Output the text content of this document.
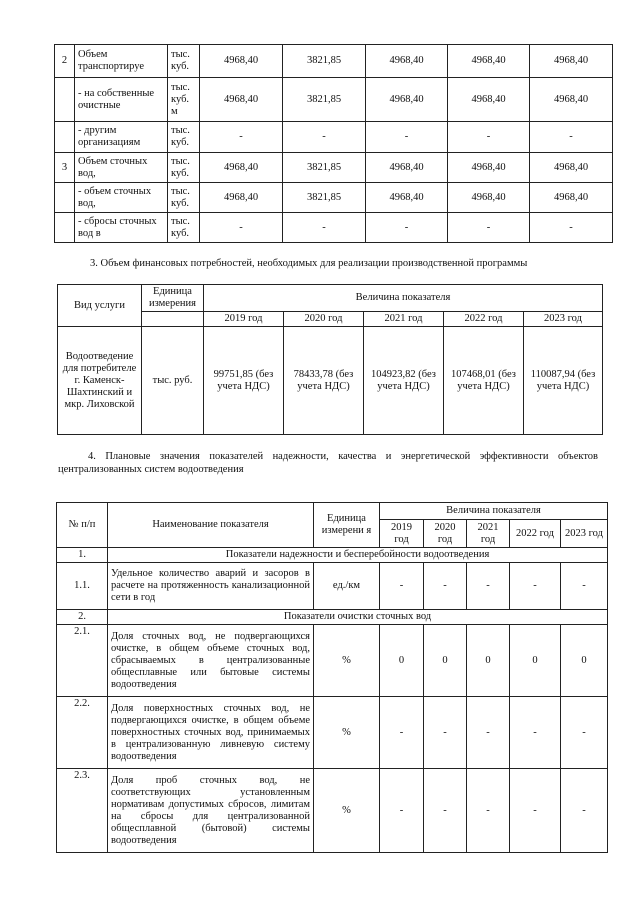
2	Объем транспортируе	тыс. куб.	4968,40	3821,85	4968,40	4968,40	4968,40
	- на собственные очистные	тыс. куб. м	4968,40	3821,85	4968,40	4968,40	4968,40
	- другим организациям	тыс. куб.	-	-	-	-	-
3	Объем сточных вод,	тыс. куб.	4968,40	3821,85	4968,40	4968,40	4968,40
	- объем сточных вод,	тыс. куб.	4968,40	3821,85	4968,40	4968,40	4968,40
	- сбросы сточных вод в	тыс. куб.	-	-	-	-	-
3. Объем финансовых потребностей, необходимых для реализации производственной программы
Вид услуги	Единица измерения	Величина показателя				
		2019 год	2020 год	2021 год	2022 год	2023 год
Водоотведение для потребителе г. Каменск-Шахтинский и мкр. Лиховской	тыс. руб.	99751,85 (без учета НДС)	78433,78 (без учета НДС)	104923,82 (без учета НДС)	107468,01 (без учета НДС)	110087,94 (без учета НДС)
4. Плановые значения показателей надежности, качества и энергетической эффективности объектов централизованных систем водоотведения
№ п/п	Наименование показателя	Единица измерени я	Величина показателя				
			2019 год	2020 год	2021 год	2022 год	2023 год
1.	Показатели надежности и бесперебойности водоотведения						
1.1.	Удельное количество аварий и засоров в расчете на протяженность канализационной сети в год	ед./км	-	-	-	-	-
2.	Показатели очистки сточных вод						
2.1.	Доля сточных вод, не подвергающихся очистке, в общем объеме сточных вод, сбрасываемых в централизованные общесплавные или бытовые системы водоотведения	%	0	0	0	0	0
2.2.	Доля поверхностных сточных вод, не подвергающихся очистке, в общем объеме поверхностных сточных вод, принимаемых в централизованную ливневую систему водоотведения	%	-	-	-	-	-
2.3.	Доля проб сточных вод, не соответствующих установленным нормативам допустимых сбросов, лимитам на сбросы для централизованной общесплавной (бытовой) системы водоотведения	%	-	-	-	-	-
